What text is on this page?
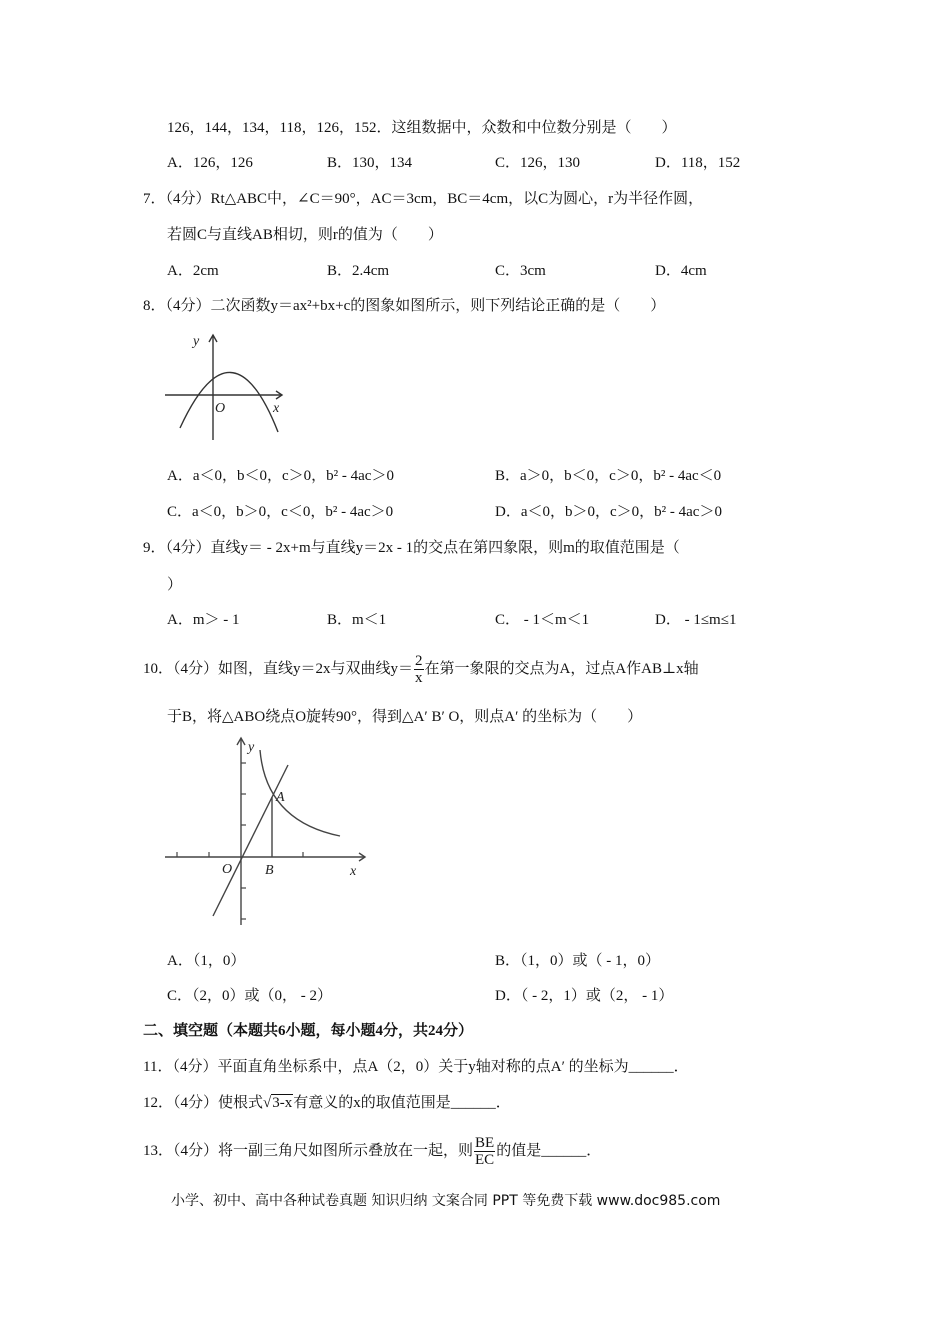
126，144，134，118，126，152．这组数据中，众数和中位数分别是（　　）
A．126，126	B．130，134	C．126，130	D．118，152
7．（4分）Rt△ABC中，∠C＝90°，AC＝3cm，BC＝4cm，以C为圆心，r为半径作圆，
若圆C与直线AB相切，则r的值为（　　）
A．2cm	B．2.4cm	C．3cm	D．4cm
8．（4分）二次函数y＝ax²+bx+c的图象如图所示，则下列结论正确的是（　　）
y
O	x
A．a＜0，b＜0，c＞0，b² - 4ac＞0	B．a＞0，b＜0，c＞0，b² - 4ac＜0
C．a＜0，b＞0，c＜0，b² - 4ac＞0	D．a＜0，b＞0，c＞0，b² - 4ac＞0
9．（4分）直线y＝ - 2x+m与直线y＝2x - 1的交点在第四象限，则m的取值范围是（
）
A．m＞ - 1	B．m＜1	C． - 1＜m＜1	D． - 1≤m≤1
10．（4分）如图，直线y＝2x与双曲线$y= \frac{2}{x}$ 在第一象限的交点为A，过点A作AB⊥x轴
于B，将△ABO绕点O旋转90°，得到△A′ B′ O，则点A′ 的坐标为（　　）
y
O	x
A
B
A．（1，0）	B．（1，0）或（ - 1，0）
C．（2，0）或（0， - 2）	D．（ - 2，1）或（2， - 1）
二、填空题（本题共6小题，每小题4分，共24分）
11．（4分）平面直角坐标系中，点A（2，0）关于y轴对称的点A′ 的坐标为______．
12．（4分）使根式√3-x有意义的x的取值范围是______．
13．（4分）将一副三角尺如图所示叠放在一起，则 $\frac{BE}{EC}$ 的值是______．
小学、初中、高中各种试卷真题 知识归纳 文案合同 PPT 等免费下载 www.doc985.com
